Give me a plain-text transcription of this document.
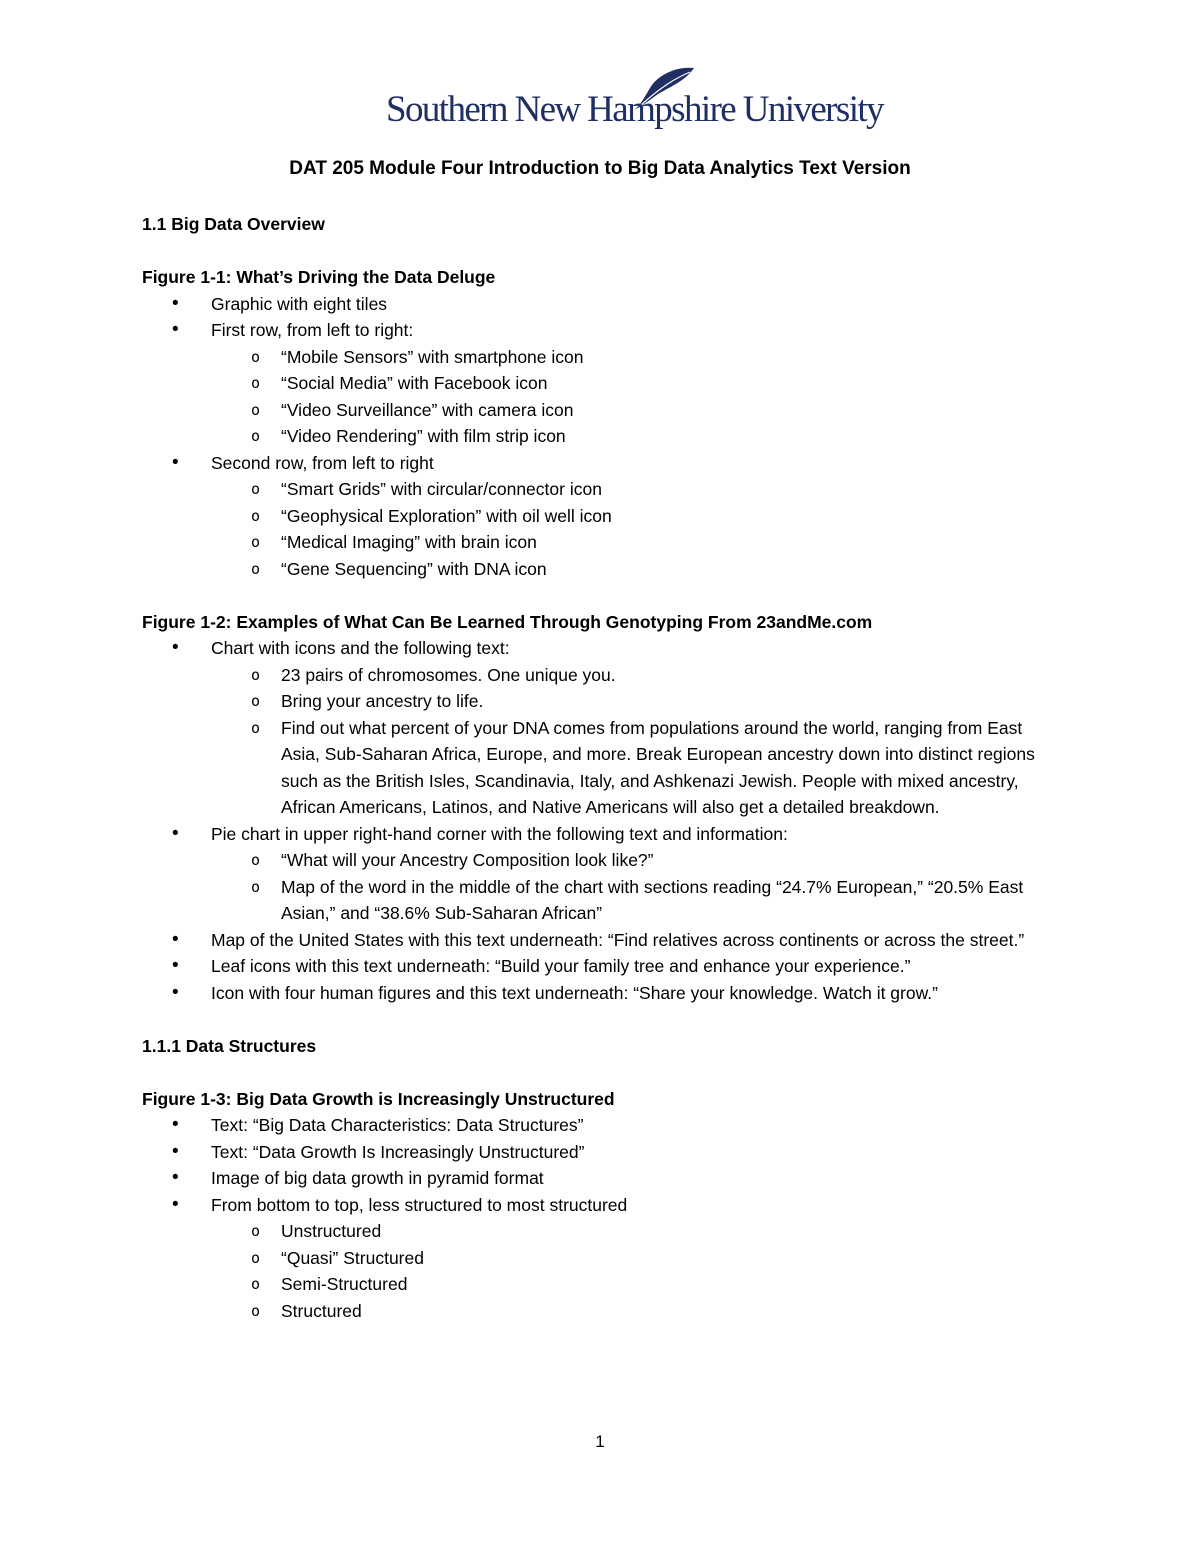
Southern New Hampshire University
DAT 205 Module Four Introduction to Big Data Analytics Text Version

1.1 Big Data Overview

Figure 1-1: What’s Driving the Data Deluge

• Graphic with eight tiles
• First row, from left to right:
o “Mobile Sensors” with smartphone icon
o “Social Media” with Facebook icon
o “Video Surveillance” with camera icon
o “Video Rendering” with film strip icon
• Second row, from left to right
o “Smart Grids” with circular/connector icon
o “Geophysical Exploration” with oil well icon
o “Medical Imaging” with brain icon
o “Gene Sequencing” with DNA icon

Figure 1-2: Examples of What Can Be Learned Through Genotyping From 23andMe.com

• Chart with icons and the following text:
o 23 pairs of chromosomes. One unique you.
o Bring your ancestry to life.
o Find out what percent of your DNA comes from populations around the world, ranging from East Asia, Sub-Saharan Africa, Europe, and more. Break European ancestry down into distinct regions such as the British Isles, Scandinavia, Italy, and Ashkenazi Jewish. People with mixed ancestry, African Americans, Latinos, and Native Americans will also get a detailed breakdown.
• Pie chart in upper right-hand corner with the following text and information:
o “What will your Ancestry Composition look like?”
o Map of the word in the middle of the chart with sections reading “24.7% European,” “20.5% East Asian,” and “38.6% Sub-Saharan African”
• Map of the United States with this text underneath: “Find relatives across continents or across the street.”
• Leaf icons with this text underneath: “Build your family tree and enhance your experience.”
• Icon with four human figures and this text underneath: “Share your knowledge. Watch it grow.”

1.1.1 Data Structures

Figure 1-3: Big Data Growth is Increasingly Unstructured

• Text: “Big Data Characteristics: Data Structures”
• Text: “Data Growth Is Increasingly Unstructured”
• Image of big data growth in pyramid format
• From bottom to top, less structured to most structured
o Unstructured
o “Quasi” Structured
o Semi-Structured
o Structured
1
